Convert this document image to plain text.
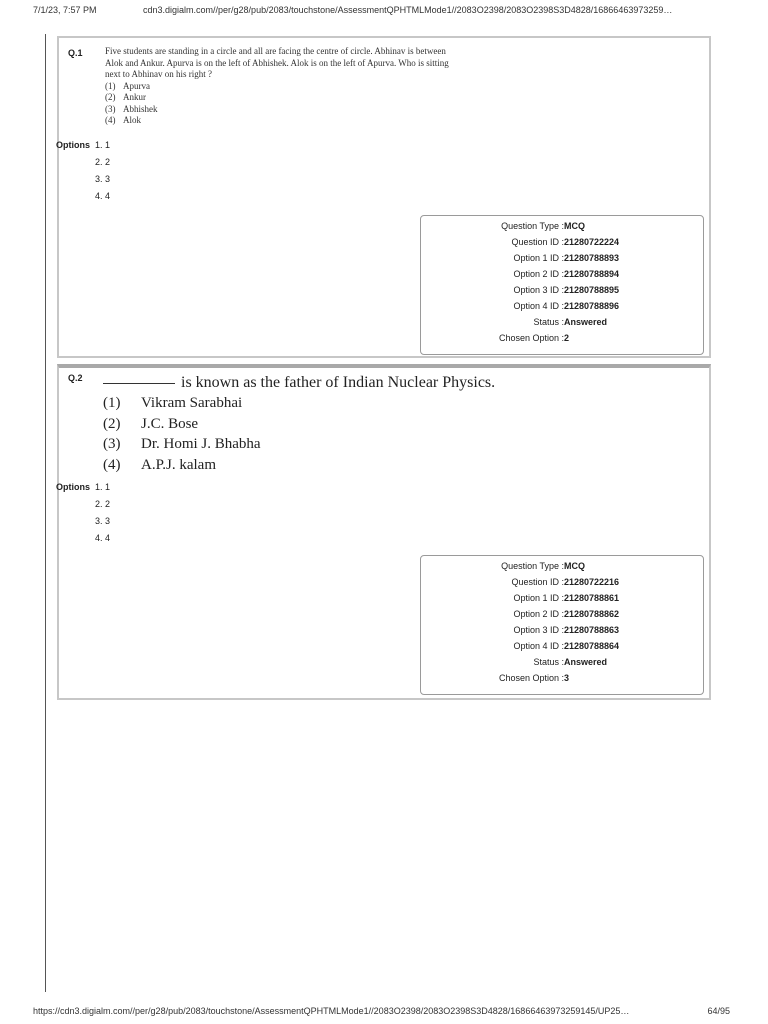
7/1/23, 7:57 PM	cdn3.digialm.com//per/g28/pub/2083/touchstone/AssessmentQPHTMLMode1//2083O2398/2083O2398S3D4828/16866463973259…
Q.1 Five students are standing in a circle and all are facing the centre of circle. Abhinav is between
Alok and Ankur. Apurva is on the left of Abhishek. Alok is on the left of Apurva. Who is sitting
next to Abhinav on his right ?
(1) Apurva
(2) Ankur
(3) Abhishek
(4) Alok
Options 1. 1
2. 2
3. 3
4. 4
Question Type : MCQ
Question ID : 21280722224
Option 1 ID : 21280788893
Option 2 ID : 21280788894
Option 3 ID : 21280788895
Option 4 ID : 21280788896
Status : Answered
Chosen Option : 2
Q.2	is known as the father of Indian Nuclear Physics.
(1)	Vikram Sarabhai
(2)	J.C. Bose
(3)	Dr. Homi J. Bhabha
(4)	A.P.J. kalam
Options 1. 1
2. 2
3. 3
4. 4
Question Type : MCQ
Question ID : 21280722216
Option 1 ID : 21280788861
Option 2 ID : 21280788862
Option 3 ID : 21280788863
Option 4 ID : 21280788864
Status : Answered
Chosen Option : 3
https://cdn3.digialm.com//per/g28/pub/2083/touchstone/AssessmentQPHTMLMode1//2083O2398/2083O2398S3D4828/16866463973259145/UP25…	64/95
